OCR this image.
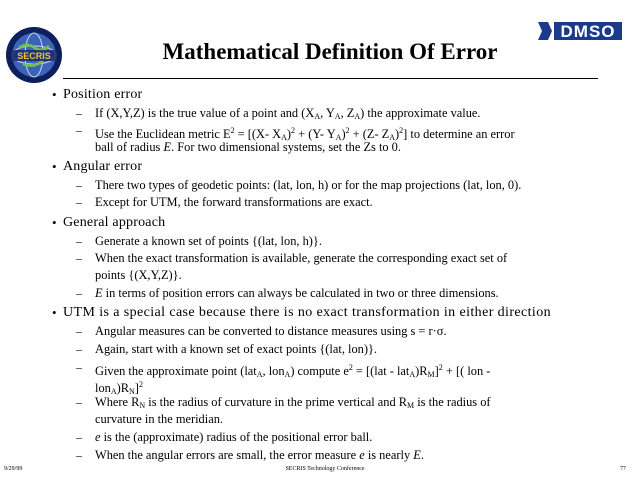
SECRIS
DMSO
Mathematical Definition Of Error
• Position error
– If (X,Y,Z) is the true value of a point and ($X_A$, $Y_A$, $Z_A$) the approximate value.
– Use the Euclidean metric $E^2 = [(X-$ $X_A)^2 + (Y-$ $Y_A)^2 + (Z-$ $Z_A)^2$] to determine an error
ball of radius E. For two dimensional systems, set the Zs to 0.
• Angular error
– There two types of geodetic points: (lat, lon, h) or for the map projections (lat, lon, 0).
– Except for UTM, the forward transformations are exact.
• General approach
– Generate a known set of points {(lat, lon, h)}.
– When the exact transformation is available, generate the corresponding exact set of
points {(X,Y,Z)}.
– E in terms of position errors can always be calculated in two or three dimensions.
• UTM is a special case because there is no exact transformation in either direction
– Angular measures can be converted to distance measures using s = r·σ.
– Again, start with a known set of exact points {(lat, lon)}.
– Given the approximate point (lat$_A$, lon$_A$) compute $e^2 = [(lat - lat_A)R_M]^2$ + [( lon -
$lon_A)R_N]^2$
– Where $R_N$ is the radius of curvature in the prime vertical and $R_M$ is the radius of
curvature in the meridian.
– e is the (approximate) radius of the positional error ball.
– When the angular errors are small, the error measure e is nearly E.
9/29/99	SECRIS Technology Conference	77
